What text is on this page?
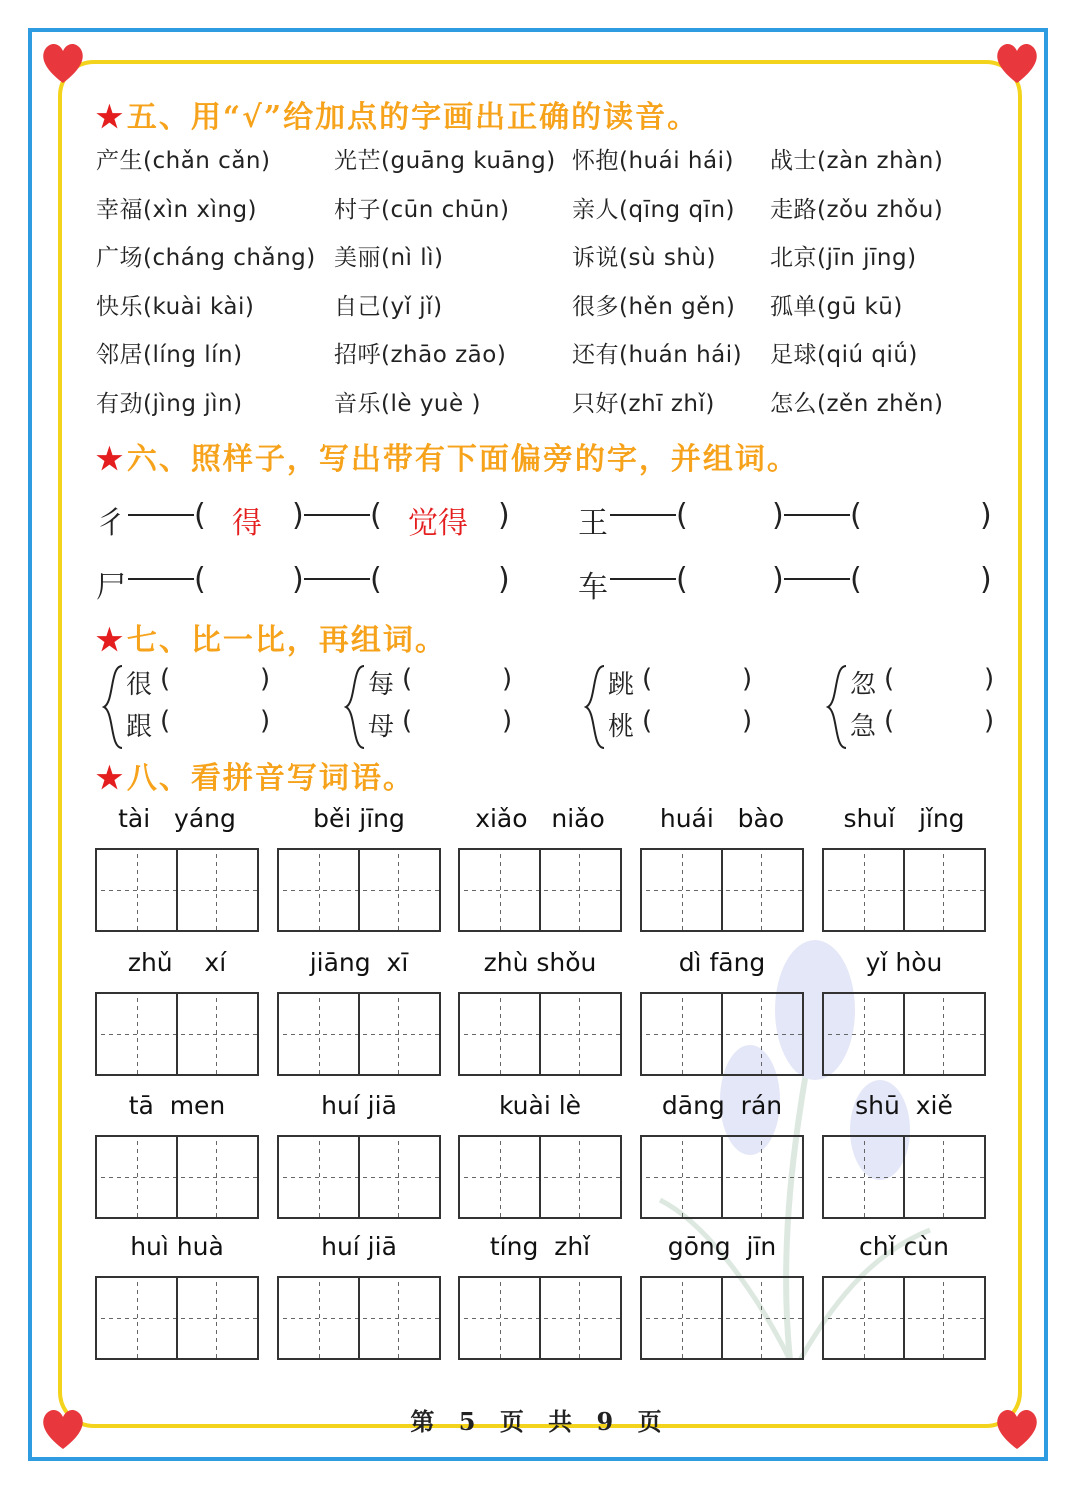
★五、用“√”给加点的字画出正确的读音。
产生(chǎn cǎn)	光芒(guāng kuāng) 怀抱(huái hái) 战士(zàn zhàn)
幸福(xìn xìng)	村子(cūn chūn)	亲人(qīng qīn) 走路(zǒu zhǒu)
广场(cháng chǎng) 美丽(nì lì)	诉说(sù shù) 北京(jīn jīng)
快乐(kuài kài)	自己(yǐ jǐ)	很多(hěn gěn) 孤单(gū kū)
邻居(líng lín)	招呼(zhāo zāo)	还有(huán hái) 足球(qiú qiǘ)
有劲(jìng jìn)	音乐(lè yuè )	只好(zhī zhǐ) 怎么(zěn zhěn)
★六、照样子，写出带有下面偏旁的字，并组词。
彳 ( 得 ) ( 觉得 ) 王 (	) (	)
尸 (	) (	) 车 (	) (	)
★七、比一比，再组词。
很 (	)
跟 (	)
每 (	)
母 (	)
跳 (	)
桃 (	)
忽 (	)
急 (	)
★八、看拼音写词语。
tài   yáng	běi jīng	xiǎo   niǎo	huái   bào	shuǐ   jǐng
zhǔ    xí	jiāng  xī	zhù shǒu	dì fāng	yǐ hòu
tā  men	huí jiā	kuài lè	dāng  rán	shū  xiě
huì huà	huí jiā	tíng  zhǐ	gōng  jīn	chǐ cùn
第 5 页 共 9 页
